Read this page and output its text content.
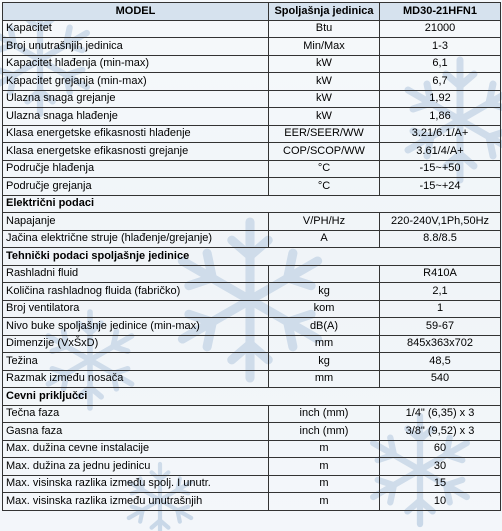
MODEL	Spoljašnja jedinica	MD30-21HFN1
Kapacitet	Btu	21000
Broj unutrašnjih jedinica	Min/Max	1-3
Kapacitet hlađenja (min-max)	kW	6,1
Kapacitet grejanja (min-max)	kW	6,7
Ulazna snaga grejanje	kW	1,92
Ulazna snaga hlađenje	kW	1,86
Klasa energetske efikasnosti hlađenje	EER/SEER/WW	3.21/6.1/A+
Klasa energetske efikasnosti grejanje	COP/SCOP/WW	3.61/4/A+
Područje hlađenja	°C	-15~+50
Područje grejanja	°C	-15~+24
Električni podaci		
Napajanje	V/PH/Hz	220-240V,1Ph,50Hz
Jačina električne struje (hlađenje/grejanje)	A	8.8/8.5
Tehnički podaci spoljašnje jedinice		
Rashladni fluid		R410A
Količina rashladnog fluida (fabričko)	kg	2,1
Broj ventilatora	kom	1
Nivo buke spoljašnje jedinice (min-max)	dB(A)	59-67
Dimenzije (VxŠxD)	mm	845x363x702
Težina	kg	48,5
Razmak između nosača	mm	540
Cevni priključci		
Tečna faza	inch (mm)	1/4" (6,35) x 3
Gasna faza	inch (mm)	3/8" (9,52) x 3
Max. dužina cevne instalacije	m	60
Max. dužina za jednu jedinicu	m	30
Max. visinska razlika između spolj. I unutr.	m	15
Max. visinska razlika između unutrašnjih	m	10
